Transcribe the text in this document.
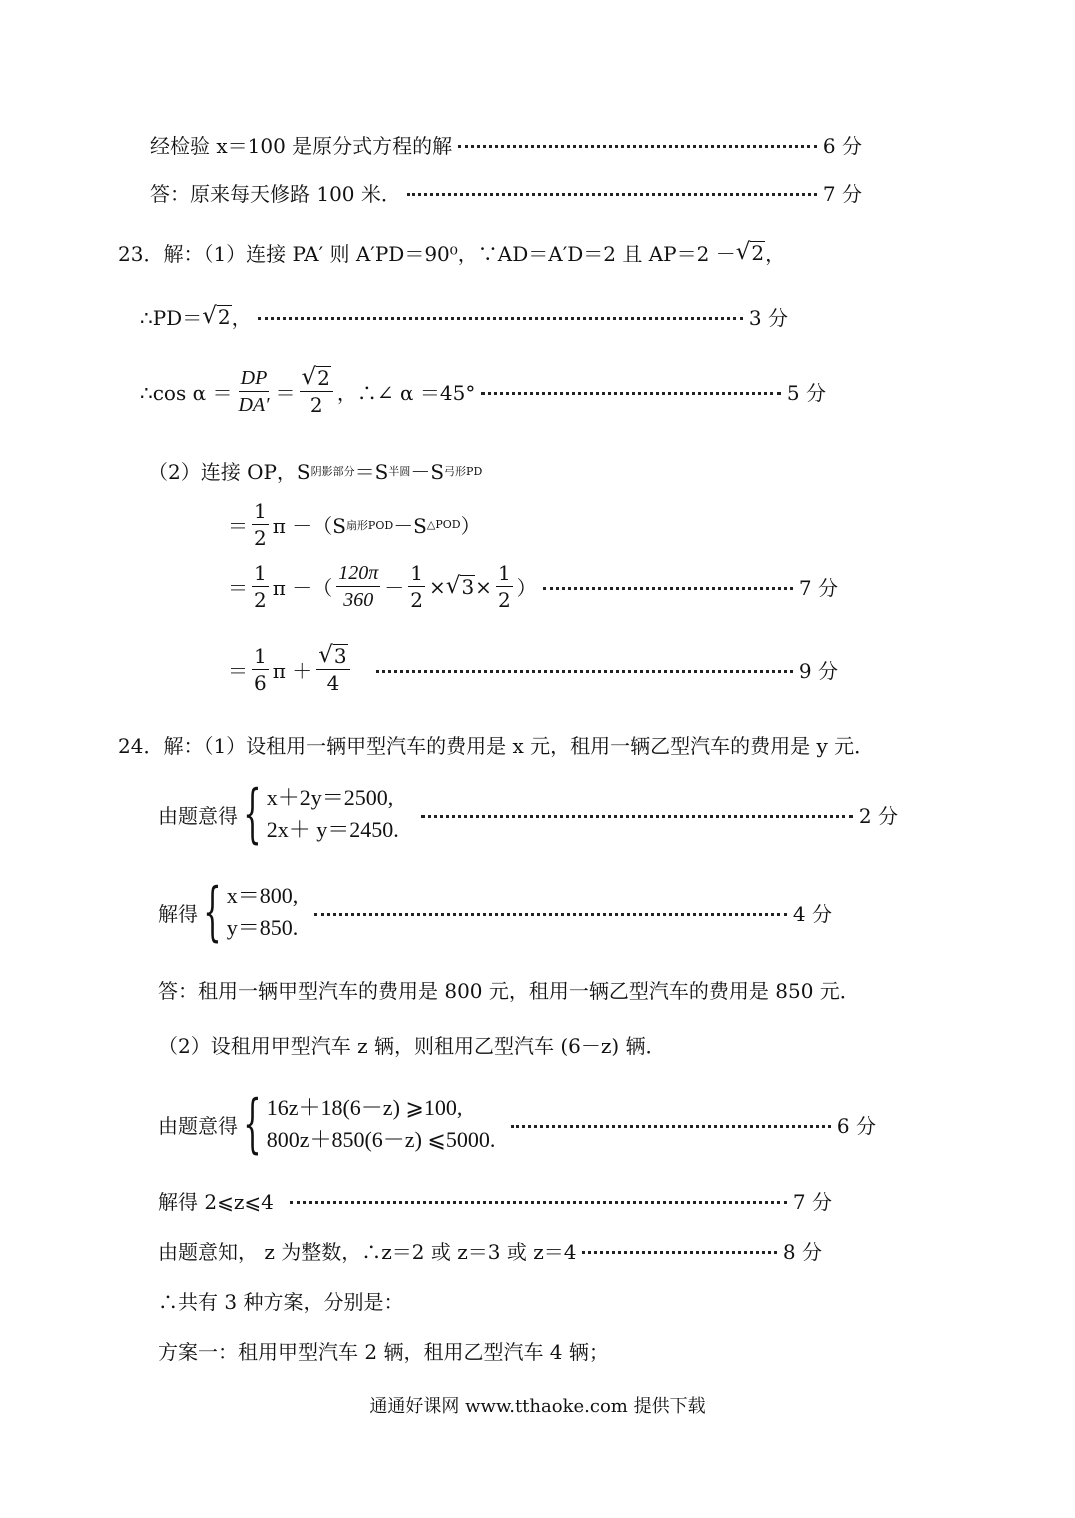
经检验 x＝100 是原分式方程的解	6 分
答：原来每天修路 100 米．	7 分
23．解：（1）连接 PA′ 则 A′PD＝90⁰，∵AD＝A′D＝2 且 AP＝2 － √ 2 ，
∴PD＝ √ 2 ，	3 分
∴cos $\alpha = \frac{DP}{DA'} = \frac{√ 2}{2}$ ，∴∠ α ＝45°	5 分
（2）连接 OP，S 阴影部分 ＝S 半圆 －S 弓形PD
＝ $\frac{1}{2}$ π －（S 扇形POD －S △POD ）
＝ $\frac{1}{2}$ π －（ $\frac{120\pi}{360} - \frac{1}{2}$ × √ $3 \times \frac{1}{2}$ ）	7 分
＝ $\frac{1}{6}$ $\pi + \frac{√ 3}{4}$	9 分
24．解：（1）设租用一辆甲型汽车的费用是 x 元，租用一辆乙型汽车的费用是 y 元．
由题意得 { x＋2y＝2500,
2x＋ y＝2450.
2 分
解得 { x＝800,
y＝850.
4 分
答：租用一辆甲型汽车的费用是 800 元，租用一辆乙型汽车的费用是 850 元．
（2）设租用甲型汽车 z 辆，则租用乙型汽车 (6－z) 辆．
由题意得 { 16z＋18(6－z) ⩾100,
800z＋850(6－z) ⩽5000.
6 分
解得 2⩽z⩽4	7 分
由题意知， z 为整数，∴z＝2 或 z＝3 或 z＝4	8 分
∴共有 3 种方案，分别是：
方案一：租用甲型汽车 2 辆，租用乙型汽车 4 辆；
通通好课网 www.tthaoke.com 提供下载
